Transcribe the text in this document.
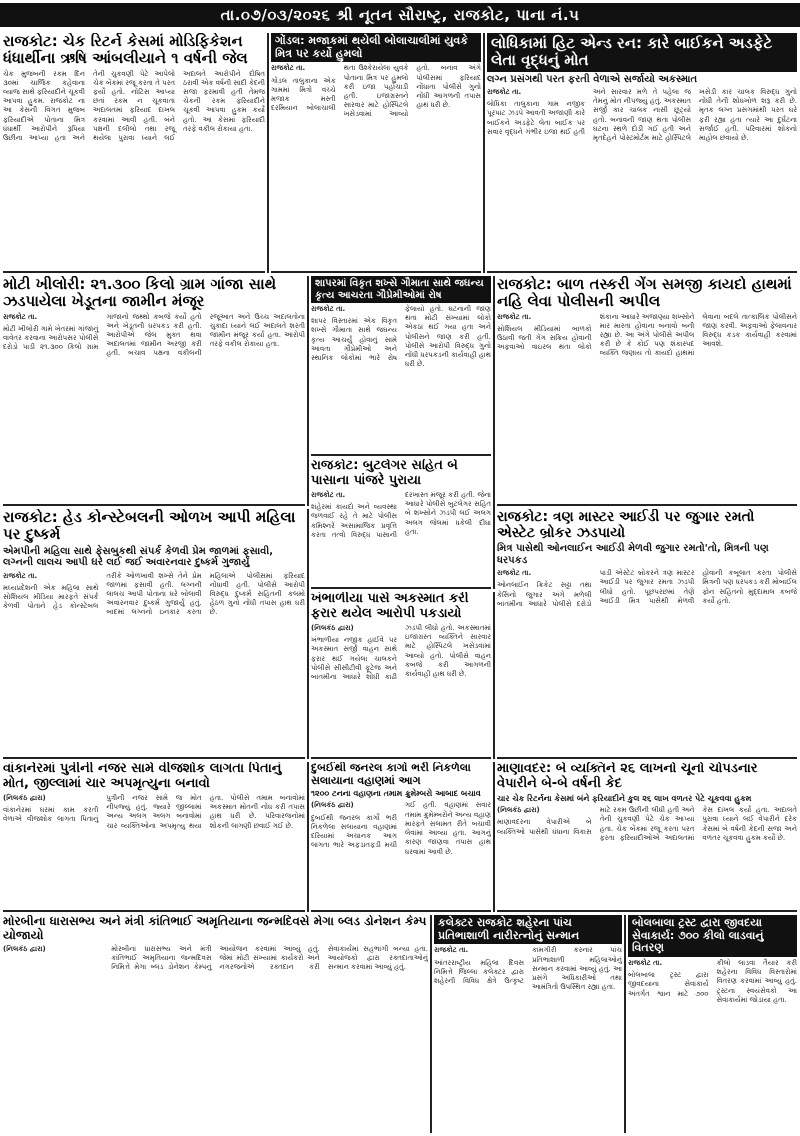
તા.૦૭/૦૩/૨૦૨૬ શ્રી નૂતન સૌરાષ્ટ્ર, રાજકોટ, પાના નં.૫
રાજકોટ: ચેક રિટર્ન કેસમાં મોડિફિકેશન ધંધાર્થીના ઋષિ આંબલીયાને ૧ વર્ષની જેલ

ચેક મુજબની રકમ દિન ૩૦માં ચાર્જિક કહેવાના વ્યાજ સાથે ફરિયાદીને ચૂકવી આપવા હુકમ. રાજકોટ ના આ કેસની વિગત મુજબ ફરિયાદીએ પોતાના મિત્ર ધંધાર્થી આરોપીને રૂપિયા ઉછીના આપ્યા હતા અને તેની ચુકવણી પેટે આપેલો ચેક બેંકમાં રજૂ કરતા તે પરત ફર્યો હતો. નોટિસ આપ્યા છતાં રકમ ન ચૂકવાતા અદાલતમાં ફરિયાદ દાખલ કરવામાં આવી હતી. બંને પક્ષની દલીલો તથા રજૂ થયેલા પુરાવા ધ્યાને લઈ અદાલતે આરોપીને દોષિત ઠરાવી એક વર્ષની સાદી કેદની સજા ફરમાવી હતી તેમજ ચેકની રકમ ફરિયાદીને ચૂકવી આપવા હુકમ કર્યો હતો. આ કેસમાં ફરિયાદી તરફે વકીલ રોકાયા હતા.

ગોંડલ: મજાકમાં થયેલી બોલાચાલીમાં યુવકે મિત્ર પર કર્યો હુમલો

રાજકોટ તા.

ગોંડલ તાલુકાના એક ગામમાં મિત્રો વચ્ચે મજાક મસ્તી દરમિયાન બોલાચાલી થતા ઉશ્કેરાયેલા યુવકે પોતાના મિત્ર પર હુમલો કરી ઇજા પહોંચાડી હતી. ઇજાગ્રસ્તને સારવાર માટે હોસ્પિટલે ખસેડવામાં આવ્યો હતો. બનાવ અંગે પોલીસમાં ફરિયાદ નોંધાતા પોલીસે ગુનો નોંધી આગળની તપાસ હાથ ધરી છે.

લોધિકામાં હિટ એન્ડ રન: કારે બાઈકને અડફેટે લેતા વૃદ્ધનું મોત
લગ્ન પ્રસંગથી પરત ફરતી વેળાએ સર્જાયો અકસ્માત

રાજકોટ તા.

લોધિકા તાલુકાના ગામ નજીક પૂરપાટ ઝડપે આવતી અજાણી કારે બાઈકને અડફેટે લેતા બાઈક પર સવાર વૃદ્ધને ગંભીર ઇજા થઈ હતી અને સારવાર મળે તે પહેલા જ તેમનું મોત નીપજ્યું હતું. અકસ્માત સર્જી કાર ચાલક નાસી છૂટ્યો હતો. બનાવની જાણ થતા પોલીસ ઘટના સ્થળે દોડી ગઈ હતી અને મૃતદેહને પોસ્ટમોર્ટમ માટે હોસ્પિટલે ખસેડી કાર ચાલક વિરુદ્ધ ગુનો નોંધી તેની શોધખોળ શરૂ કરી છે. મૃતક લગ્ન પ્રસંગમાંથી પરત ઘરે ફરી રહ્યા હતા ત્યારે આ દુર્ઘટના સર્જાઈ હતી. પરિવારમાં શોકનો માહોલ છવાયો છે.

મોટી ખીલોરી: ૨૧.૩૦૦ કિલો ગ્રામ ગાંજા સાથે ઝડપાયેલા ખેડૂતના જામીન મંજૂર

રાજકોટ તા.

મોટી ખીલોરી ગામે ખેતરમાં ગાંજાનું વાવેતર કરવાના આરોપસર પોલીસે દરોડો પાડી ૨૧.૩૦૦ કિલો ગ્રામ ગાંજાનો જથ્થો કબજે કર્યો હતો અને ખેડૂતની ધરપકડ કરી હતી. આરોપીએ જેલ મુક્ત થવા અદાલતમાં જામીન અરજી કરી હતી. બચાવ પક્ષના વકીલની રજૂઆત અને ઉચ્ચ અદાલતોના ચુકાદા ધ્યાને લઈ અદાલતે શરતી જામીન મંજૂર કર્યા હતા. આરોપી તરફે વકીલ રોકાયા હતા.

શાપરમાં વિકૃત શખ્સે ગૌમાતા સાથે જઘન્ય કૃત્ય આચરતા ગૌપ્રેમીઓમાં રોષ

રાજકોટ તા.

શાપર વિસ્તારમાં એક વિકૃત શખ્સે ગૌમાતા સાથે જઘન્ય કૃત્ય આચર્યું હોવાનું સામે આવતા ગૌપ્રેમીઓ અને સ્થાનિક લોકોમાં ભારે રોષ ફેલાયો હતો. ઘટનાની જાણ થતા મોટી સંખ્યામાં લોકો એકઠા થઈ ગયા હતા અને પોલીસને જાણ કરી હતી. પોલીસે આરોપી વિરુદ્ધ ગુનો નોંધી ધરપકડની કાર્યવાહી હાથ ધરી છે.

રાજકોટ: બુટલેગર સહિત બે પાસાના પાંજરે પુરાયા

રાજકોટ તા.

શહેરમાં કાયદો અને વ્યવસ્થા જળવાઈ રહે તે માટે પોલીસ કમિશ્નરે અસામાજિક પ્રવૃત્તિ કરતા તત્વો વિરુદ્ધ પાસાની દરખાસ્ત મંજૂર કરી હતી. જેના આધારે પોલીસે બુટલેગર સહિત બે શખ્સોને ઝડપી લઈ અલગ અલગ જેલમાં ધકેલી દીધા હતા.

રાજકોટ: બાળ તસ્કરી ગેંગ સમજી કાયદો હાથમાં નહિ લેવા પોલીસની અપીલ

રાજકોટ તા.

સોશિયલ મીડિયામાં બાળકો ઉઠાવી જતી ગેંગ સક્રિય હોવાની અફવાઓ વાઇરલ થતા લોકો શંકાના આધારે અજાણ્યા શખ્સોને માર મારતા હોવાના બનાવો બની રહ્યા છે. આ અંગે પોલીસે અપીલ કરી છે કે કોઈ પણ શંકાસ્પદ વ્યક્તિ જણાય તો કાયદો હાથમાં લેવાના બદલે તાત્કાલિક પોલીસને જાણ કરવી. અફવાઓ ફેલાવનાર વિરુદ્ધ કડક કાર્યવાહી કરવામાં આવશે.

રાજકોટ: હેડ કોન્સ્ટેબલની ઓળખ આપી મહિલા પર દુષ્કર્મ
એમપીની મહિલા સાથે ફેસબુકથી સંપર્ક કેળવી પ્રેમ જાળમાં ફસાવી, લગ્નની લાલચ આપી ઘરે લઈ જઈ અવારનવાર દુષ્કર્મ ગુજાર્યું

રાજકોટ તા.

મધ્યપ્રદેશની એક મહિલા સાથે સોશિયલ મીડિયા મારફતે સંપર્ક કેળવી પોતાને હેડ કોન્સ્ટેબલ તરીકે ઓળખાવી શખ્સે તેને પ્રેમ જાળમાં ફસાવી હતી. લગ્નની લાલચ આપી પોતાના ઘરે બોલાવી અવારનવાર દુષ્કર્મ ગુજાર્યું હતું. બાદમાં લગ્નનો ઇનકાર કરતા મહિલાએ પોલીસમાં ફરિયાદ નોંધાવી હતી. પોલીસે આરોપી વિરુદ્ધ દુષ્કર્મ સહિતની કલમો હેઠળ ગુનો નોંધી તપાસ હાથ ધરી છે.

ખંભાળીયા પાસે અકસ્માત કરી ફરાર થયેલ આરોપી પકડાયો

(નિલકંઠ દ્વારા)

ખંભાળીયા નજીક હાઈવે પર અકસ્માત સર્જી વાહન સાથે ફરાર થઈ ગયેલા ચાલકને પોલીસે સીસીટીવી ફૂટેજ અને બાતમીના આધારે શોધી કાઢી ઝડપી લીધો હતો. અકસ્માતમાં ઇજાગ્રસ્ત વ્યક્તિને સારવાર માટે હોસ્પિટલે ખસેડવામાં આવ્યો હતો. પોલીસે વાહન કબજે કરી આગળની કાર્યવાહી હાથ ધરી છે.

રાજકોટ: ત્રણ માસ્ટર આઈડી પર જુગાર રમતો એસ્ટેટ બ્રોકર ઝડપાયો
મિત્ર પાસેથી ઓનલાઈન આઈડી મેળવી જુગાર રમતો'તો, મિત્રની પણ ધરપકડ

રાજકોટ તા.

ઓનલાઈન ક્રિકેટ સટ્ટા તથા કેસિનો જુગાર અંગે મળેલી બાતમીના આધારે પોલીસે દરોડો પાડી એસ્ટેટ બ્રોકરને ત્રણ માસ્ટર આઈડી પર જુગાર રમતા ઝડપી લીધો હતો. પૂછપરછમાં તેણે આઈડી મિત્ર પાસેથી મેળવી હોવાની કબૂલાત કરતા પોલીસે મિત્રની પણ ધરપકડ કરી મોબાઈલ ફોન સહિતનો મુદ્દામાલ કબજે કર્યો હતો.

વાંકાનેરમાં પુત્રીની નજર સામે વીજશોક લાગતા પિતાનું મોત, જીલ્લામાં ચાર અપમૃત્યુના બનાવો

(નિલકંઠ દ્વારા)

વાંકાનેરમાં ઘરમાં કામ કરતી વેળાએ વીજશોક લાગતા પિતાનું પુત્રીની નજર સામે જ મોત નીપજ્યું હતું. જ્યારે જીલ્લામાં અન્ય અલગ અલગ બનાવોમાં ચાર વ્યક્તિઓના અપમૃત્યુ થયા હતા. પોલીસે તમામ બનાવોમાં અકસ્માત મોતની નોંધ કરી તપાસ હાથ ધરી છે. પરિવારજનોમાં શોકની લાગણી છવાઈ ગઈ છે.

દુબઈથી જનરલ કાર્ગો ભરી નિકળેલા સલાયાના વહાણમાં આગ
૧૨૦૦ ટનના વહાણના તમામ ક્રુમેમ્બરો આબાદ બચાવ

(નિલકંઠ દ્વારા)

દુબઈથી જનરલ કાર્ગો ભરી નિકળેલા સલાયાના વહાણમાં દરિયામાં અચાનક આગ લાગતા ભારે અફડાતફડી મચી ગઈ હતી. વહાણમાં સવાર તમામ ક્રુમેમ્બરોને અન્ય વહાણ મારફતે સલામત રીતે બચાવી લેવામાં આવ્યા હતા. આગનું કારણ જાણવા તપાસ હાથ ધરવામાં આવી છે.

માણાવદર: બે વ્યક્તિને ૨૬ લાખનો ચૂનો ચોપડનાર વેપારીને બે-બે વર્ષની કેદ
ચાર ચેક રિટર્નના કેસમાં બંને ફરિયાદીને કુલ ૨૬ લાખ વળતર પેટે ચૂકવવા હુકમ

(નિલકંઠ દ્વારા)

માણાવદરના વેપારીએ બે વ્યક્તિઓ પાસેથી ધંધાના વિકાસ માટે રકમ ઉછીની લીધી હતી અને તેની ચુકવણી પેટે ચેક આપ્યા હતા. ચેક બેંકમાં રજૂ કરતા પરત ફરતા ફરિયાદીઓએ અદાલતમાં કેસ દાખલ કર્યા હતા. અદાલતે પુરાવા ધ્યાને લઈ વેપારીને દરેક કેસમાં બે વર્ષની કેદની સજા અને વળતર ચૂકવવા હુકમ કર્યો છે.

મોરબીના ધારાસભ્ય અને મંત્રી કાંતિભાઈ અમૃતિયાના જન્મદિવસે મેગા બ્લડ ડોનેશન કેમ્પ યોજાયો

(નિલકંઠ દ્વારા)	મોરબીના ધારાસભ્ય અને મંત્રી કાંતિભાઈ અમૃતિયાના જન્મદિવસ નિમિત્તે મેગા બ્લડ ડોનેશન કેમ્પનું આયોજન કરવામાં આવ્યું હતું. જેમાં મોટી સંખ્યામાં કાર્યકરો અને નગરજનોએ રક્તદાન કરી સેવાકાર્યમાં સહભાગી બન્યા હતા. આયોજકો દ્વારા રક્તદાતાઓનું સન્માન કરવામાં આવ્યું હતું.

કલેક્ટર રાજકોટ શહેરના પાંચ પ્રતિભાશાળી નારીરત્નોનું સન્માન

રાજકોટ તા.

આંતરરાષ્ટ્રીય મહિલા દિવસ નિમિત્તે જિલ્લા કલેક્ટર દ્વારા શહેરની વિવિધ ક્ષેત્રે ઉત્કૃષ્ટ કામગીરી કરનાર પાંચ પ્રતિભાશાળી મહિલાઓનું સન્માન કરવામાં આવ્યું હતું. આ પ્રસંગે અધિકારીઓ તથા આમંત્રિતો ઉપસ્થિત રહ્યા હતા.

બોલબાલા ટ્રસ્ટ દ્વારા જીવદયા સેવાકાર્ય: ૭૦૦ કીલો લાડવાનું વિતરણ

રાજકોટ તા.

બોલબાલા ટ્રસ્ટ દ્વારા જીવદયાના સેવાકાર્ય અંતર્ગત શ્વાન માટે ૭૦૦ કીલો લાડવા તૈયાર કરી શહેરના વિવિધ વિસ્તારોમાં વિતરણ કરવામાં આવ્યું હતું. ટ્રસ્ટના સ્વયંસેવકો આ સેવાકાર્યમાં જોડાયા હતા.
